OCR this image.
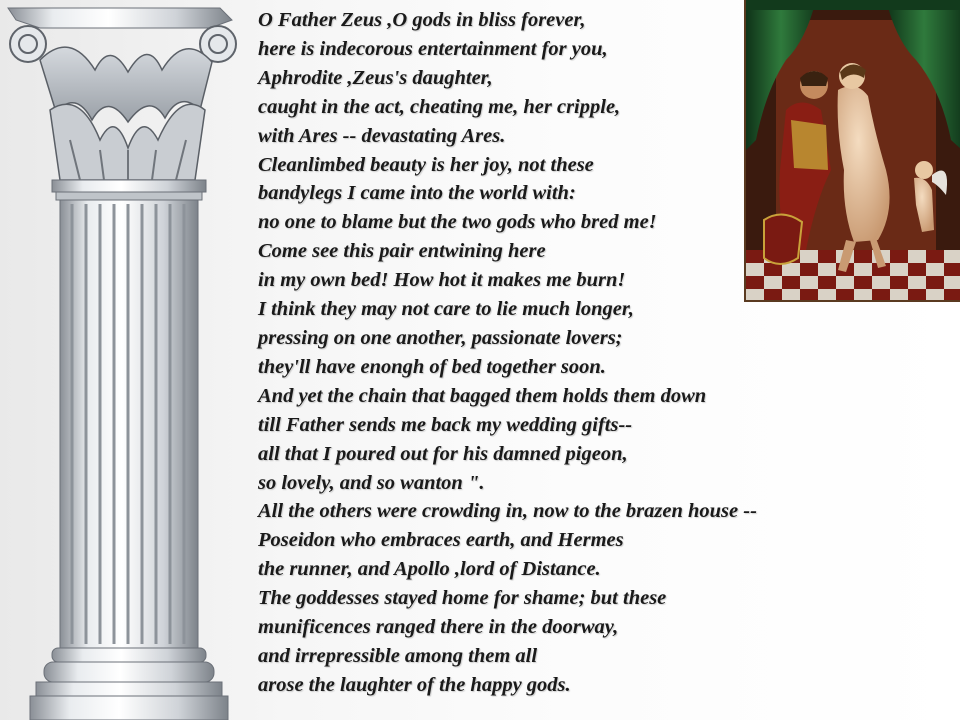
O Father Zeus ,O gods in bliss forever,
here is indecorous entertainment for you,
Aphrodite ,Zeus's daughter,
caught in the act, cheating me, her cripple,
with Ares -- devastating Ares.
Cleanlimbed beauty is her joy, not these
bandylegs I came into the world with:
no one to blame but the two gods who bred me!
Come see this pair entwining here
in my own bed! How hot it makes me burn!
I think they may not care to lie much longer,
pressing on one another, passionate lovers;
they'll have enongh of bed together soon.
And yet the chain that bagged them holds them down
till Father sends me back my wedding gifts--
all that I poured out for his damned pigeon,
so lovely, and so wanton ".
All the others were crowding in, now to the brazen house --
Poseidon who embraces earth, and Hermes
the runner, and Apollo ,lord of Distance.
The goddesses stayed home for shame; but these
munificences ranged there in the doorway,
and irrepressible among them all
arose the laughter of the happy gods.
